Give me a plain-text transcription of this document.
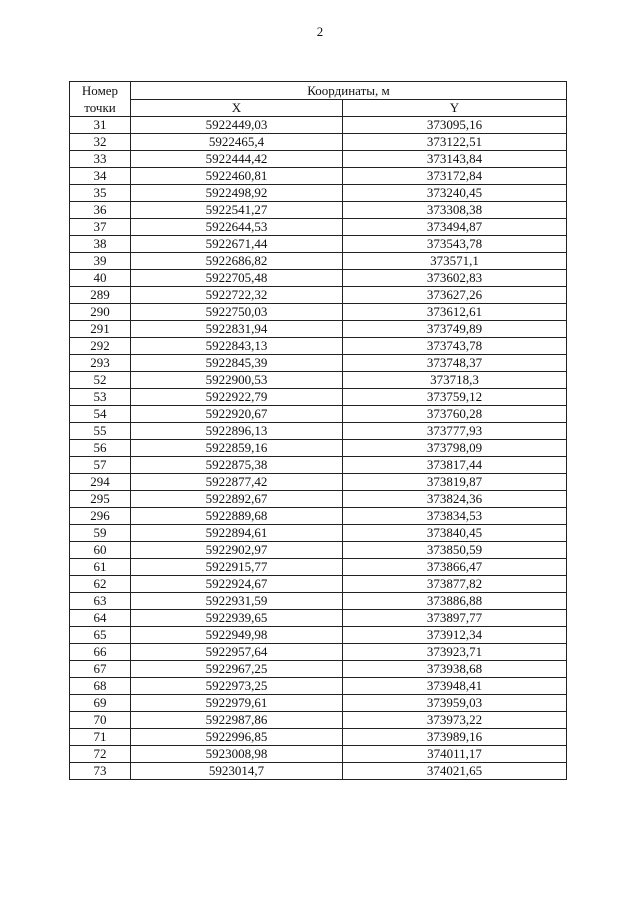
2
Номер
точки	Координаты, м	
	X	Y
31	5922449,03	373095,16
32	5922465,4	373122,51
33	5922444,42	373143,84
34	5922460,81	373172,84
35	5922498,92	373240,45
36	5922541,27	373308,38
37	5922644,53	373494,87
38	5922671,44	373543,78
39	5922686,82	373571,1
40	5922705,48	373602,83
289	5922722,32	373627,26
290	5922750,03	373612,61
291	5922831,94	373749,89
292	5922843,13	373743,78
293	5922845,39	373748,37
52	5922900,53	373718,3
53	5922922,79	373759,12
54	5922920,67	373760,28
55	5922896,13	373777,93
56	5922859,16	373798,09
57	5922875,38	373817,44
294	5922877,42	373819,87
295	5922892,67	373824,36
296	5922889,68	373834,53
59	5922894,61	373840,45
60	5922902,97	373850,59
61	5922915,77	373866,47
62	5922924,67	373877,82
63	5922931,59	373886,88
64	5922939,65	373897,77
65	5922949,98	373912,34
66	5922957,64	373923,71
67	5922967,25	373938,68
68	5922973,25	373948,41
69	5922979,61	373959,03
70	5922987,86	373973,22
71	5922996,85	373989,16
72	5923008,98	374011,17
73	5923014,7	374021,65
